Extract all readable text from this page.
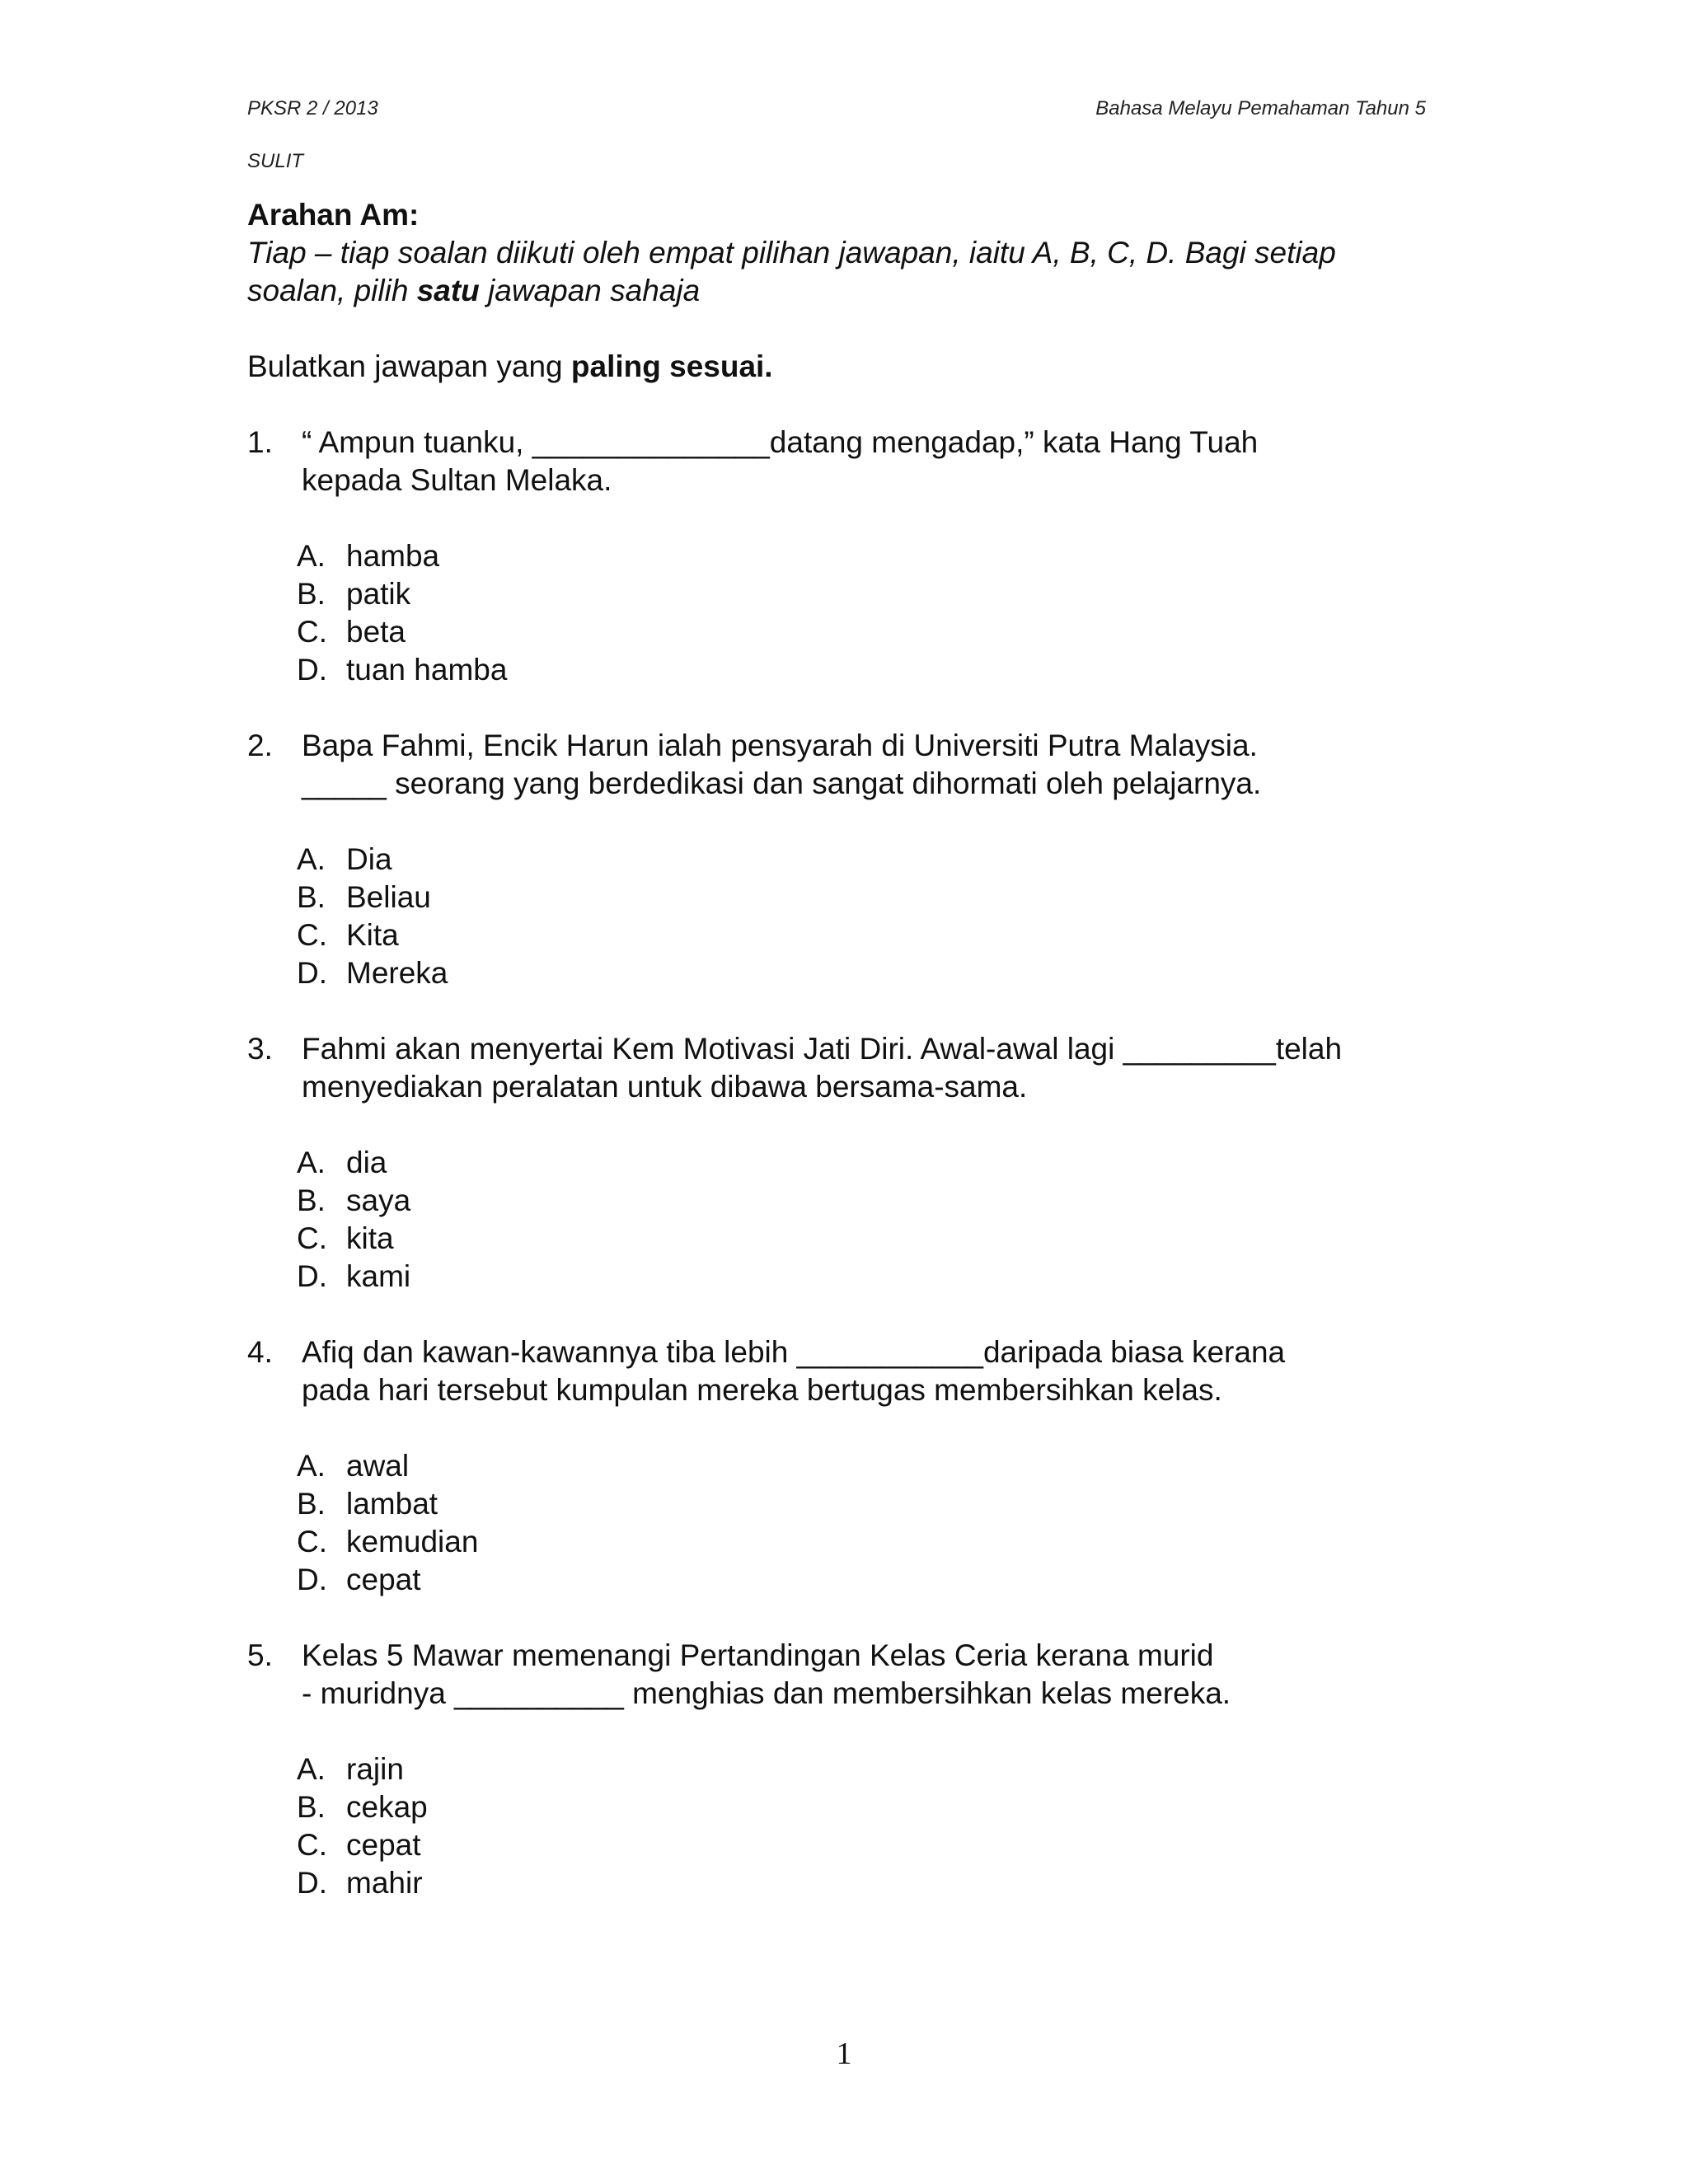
PKSR 2 / 2013	Bahasa Melayu Pemahaman Tahun 5
SULIT
Arahan Am:
Tiap – tiap soalan diikuti oleh empat pilihan jawapan, iaitu A, B, C, D. Bagi setiap
soalan, pilih satu jawapan sahaja
Bulatkan jawapan yang paling sesuai.
1. “ Ampun tuanku, ______________datang mengadap,” kata Hang Tuah

kepada Sultan Melaka.

A. hamba
B. patik
C. beta
D. tuan hamba
2. Bapa Fahmi, Encik Harun ialah pensyarah di Universiti Putra Malaysia.

_____ seorang yang berdedikasi dan sangat dihormati oleh pelajarnya.

A. Dia
B. Beliau
C. Kita
D. Mereka
3. Fahmi akan menyertai Kem Motivasi Jati Diri. Awal-awal lagi _________telah

menyediakan peralatan untuk dibawa bersama-sama.

A. dia
B. saya
C. kita
D. kami
4. Afiq dan kawan-kawannya tiba lebih ___________daripada biasa kerana

pada hari tersebut kumpulan mereka bertugas membersihkan kelas.

A. awal
B. lambat
C. kemudian
D. cepat
5. Kelas 5 Mawar memenangi Pertandingan Kelas Ceria kerana murid

- muridnya __________ menghias dan membersihkan kelas mereka.

A. rajin
B. cekap
C. cepat
D. mahir
1
